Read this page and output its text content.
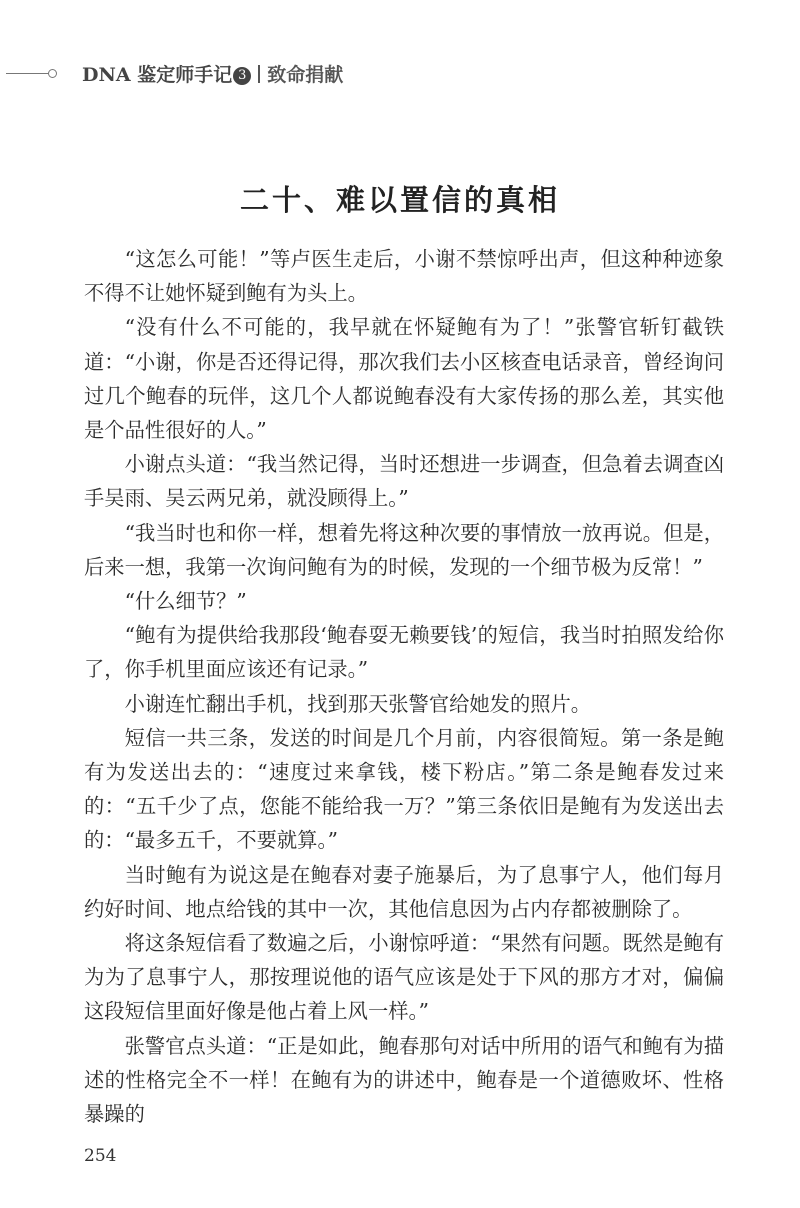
DNA 鉴定师手记 3 致命捐献
二十、难以置信的真相

“这怎么可能！”等卢医生走后，小谢不禁惊呼出声，但这种种迹象不得不让她怀疑到鲍有为头上。

“没有什么不可能的，我早就在怀疑鲍有为了！”张警官斩钉截铁道：“小谢，你是否还得记得，那次我们去小区核查电话录音，曾经询问过几个鲍春的玩伴，这几个人都说鲍春没有大家传扬的那么差，其实他是个品性很好的人。”

小谢点头道：“我当然记得，当时还想进一步调查，但急着去调查凶手吴雨、吴云两兄弟，就没顾得上。”

“我当时也和你一样，想着先将这种次要的事情放一放再说。但是，后来一想，我第一次询问鲍有为的时候，发现的一个细节极为反常！”

“什么细节？”

“鲍有为提供给我那段‘鲍春耍无赖要钱’的短信，我当时拍照发给你了，你手机里面应该还有记录。”

小谢连忙翻出手机，找到那天张警官给她发的照片。

短信一共三条，发送的时间是几个月前，内容很简短。第一条是鲍有为发送出去的：“速度过来拿钱，楼下粉店。”第二条是鲍春发过来的：“五千少了点，您能不能给我一万？”第三条依旧是鲍有为发送出去的：“最多五千，不要就算。”

当时鲍有为说这是在鲍春对妻子施暴后，为了息事宁人，他们每月约好时间、地点给钱的其中一次，其他信息因为占内存都被删除了。

将这条短信看了数遍之后，小谢惊呼道：“果然有问题。既然是鲍有为为了息事宁人，那按理说他的语气应该是处于下风的那方才对，偏偏这段短信里面好像是他占着上风一样。”

张警官点头道：“正是如此，鲍春那句对话中所用的语气和鲍有为描述的性格完全不一样！在鲍有为的讲述中，鲍春是一个道德败坏、性格暴躁的

254
